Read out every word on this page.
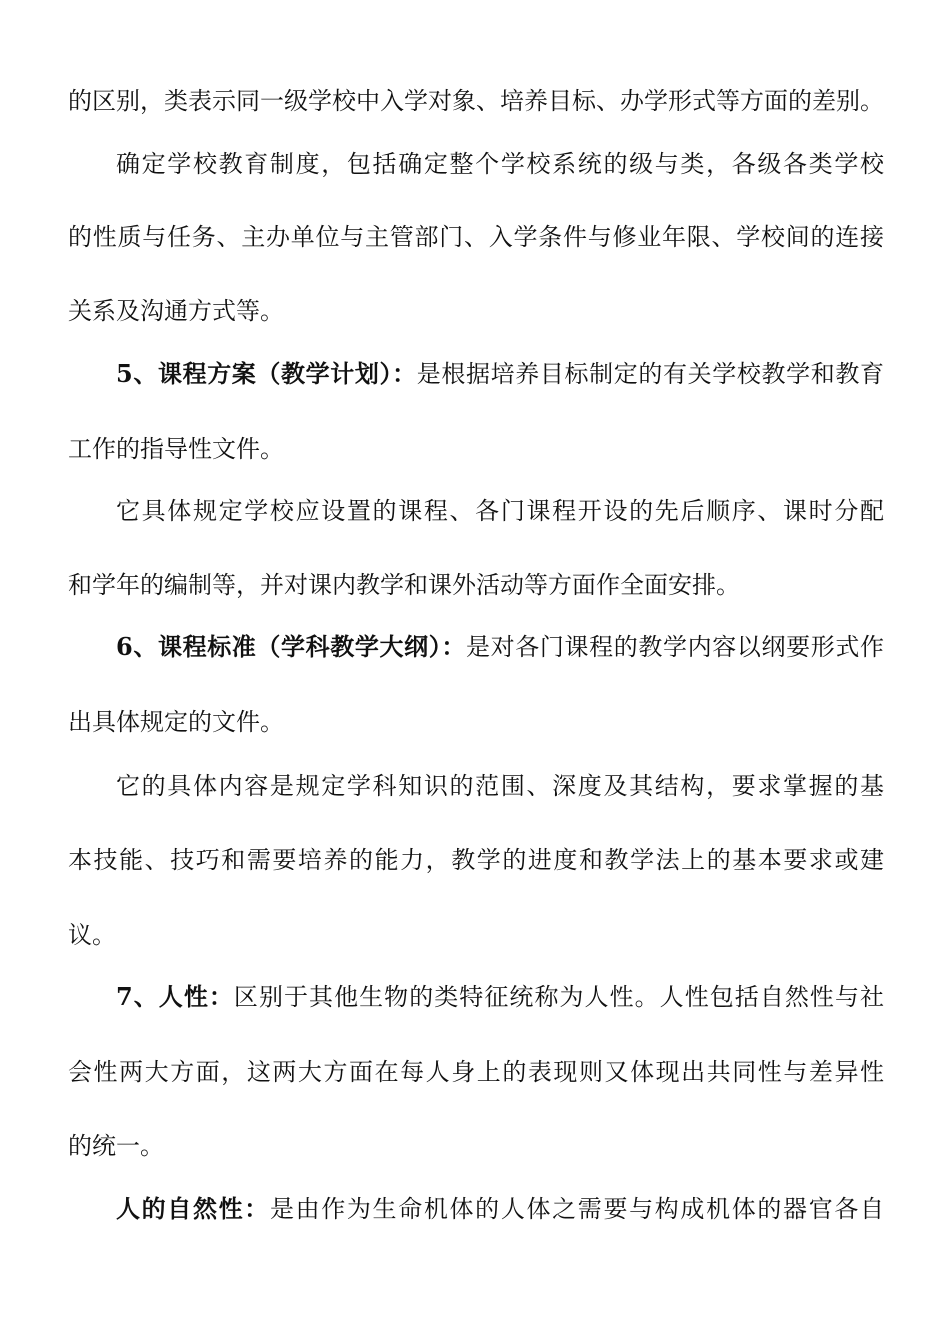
的区别，类表示同一级学校中入学对象、培养目标、办学形式等方面的差别。
确定学校教育制度，包括确定整个学校系统的级与类，各级各类学校
的性质与任务、主办单位与主管部门、入学条件与修业年限、学校间的连接
关系及沟通方式等。
5、课程方案（教学计划）：是根据培养目标制定的有关学校教学和教育
工作的指导性文件。
它具体规定学校应设置的课程、各门课程开设的先后顺序、课时分配
和学年的编制等，并对课内教学和课外活动等方面作全面安排。
6、课程标准（学科教学大纲）：是对各门课程的教学内容以纲要形式作
出具体规定的文件。
它的具体内容是规定学科知识的范围、深度及其结构，要求掌握的基
本技能、技巧和需要培养的能力，教学的进度和教学法上的基本要求或建
议。
7、人性：区别于其他生物的类特征统称为人性。人性包括自然性与社
会性两大方面，这两大方面在每人身上的表现则又体现出共同性与差异性
的统一。
人的自然性：是由作为生命机体的人体之需要与构成机体的器官各自
